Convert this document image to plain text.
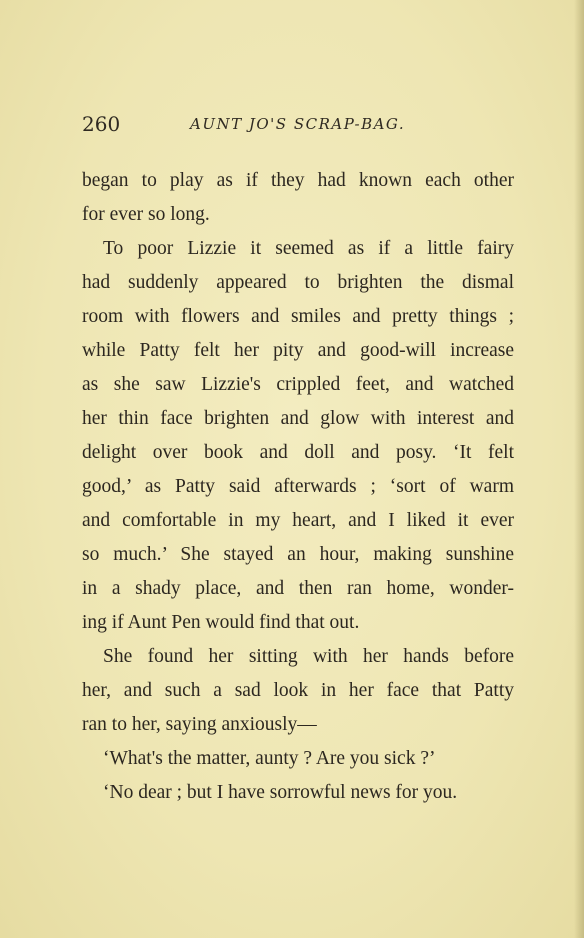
260	AUNT JO'S SCRAP-BAG.
began to play as if they had known each other
for ever so long.
To poor Lizzie it seemed as if a little fairy
had suddenly appeared to brighten the dismal
room with flowers and smiles and pretty things ;
while Patty felt her pity and good-will increase
as she saw Lizzie's crippled feet, and watched
her thin face brighten and glow with interest and
delight over book and doll and posy. ‘It felt
good,’ as Patty said afterwards ; ‘sort of warm
and comfortable in my heart, and I liked it ever
so much.’ She stayed an hour, making sunshine
in a shady place, and then ran home, wonder-
ing if Aunt Pen would find that out.
She found her sitting with her hands before
her, and such a sad look in her face that Patty
ran to her, saying anxiously—
‘What's the matter, aunty ? Are you sick ?’
‘No dear ; but I have sorrowful news for you.
